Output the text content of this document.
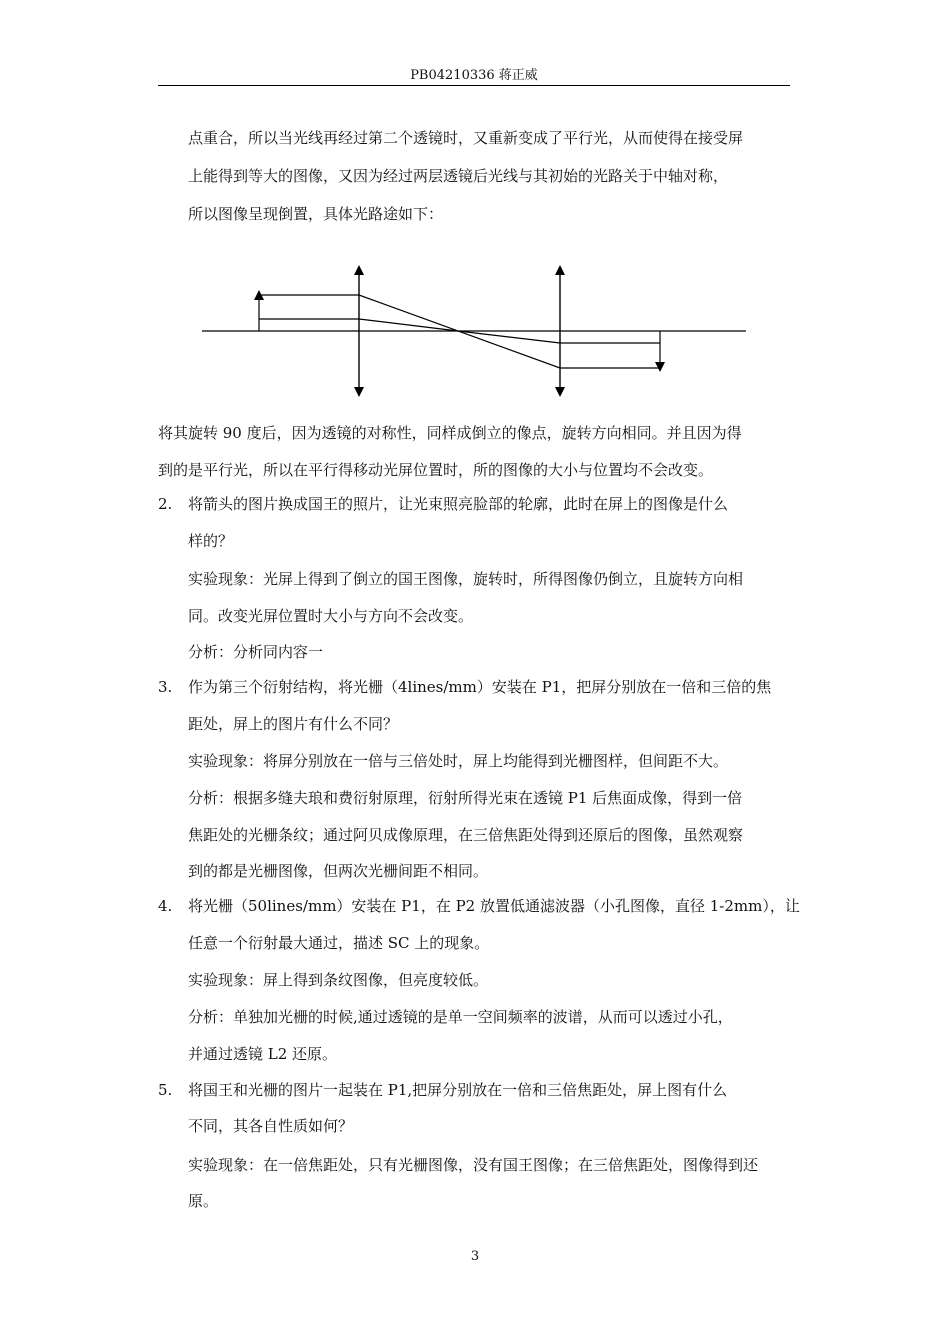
PB04210336 蒋正威
点重合，所以当光线再经过第二个透镜时，又重新变成了平行光，从而使得在接受屏
上能得到等大的图像，又因为经过两层透镜后光线与其初始的光路关于中轴对称，
所以图像呈现倒置，具体光路途如下：
将其旋转 90 度后，因为透镜的对称性，同样成倒立的像点，旋转方向相同。并且因为得
到的是平行光，所以在平行得移动光屏位置时，所的图像的大小与位置均不会改变。
2. 将箭头的图片换成国王的照片，让光束照亮脸部的轮廓，此时在屏上的图像是什么
样的？
实验现象：光屏上得到了倒立的国王图像，旋转时，所得图像仍倒立，且旋转方向相
同。改变光屏位置时大小与方向不会改变。
分析：分析同内容一
3. 作为第三个衍射结构，将光栅（4lines/mm）安装在 P1，把屏分别放在一倍和三倍的焦
距处，屏上的图片有什么不同？
实验现象：将屏分别放在一倍与三倍处时，屏上均能得到光栅图样，但间距不大。
分析：根据多缝夫琅和费衍射原理，衍射所得光束在透镜 P1 后焦面成像，得到一倍
焦距处的光栅条纹；通过阿贝成像原理，在三倍焦距处得到还原后的图像，虽然观察
到的都是光栅图像，但两次光栅间距不相同。
4. 将光栅（50lines/mm）安装在 P1，在 P2 放置低通滤波器（小孔图像，直径 1-2mm），让
任意一个衍射最大通过，描述 SC 上的现象。
实验现象：屏上得到条纹图像，但亮度较低。
分析：单独加光栅的时候,通过透镜的是单一空间频率的波谱，从而可以透过小孔，
并通过透镜 L2 还原。
5. 将国王和光栅的图片一起装在 P1,把屏分别放在一倍和三倍焦距处，屏上图有什么
不同，其各自性质如何？
实验现象：在一倍焦距处，只有光栅图像，没有国王图像；在三倍焦距处，图像得到还
原。
3
